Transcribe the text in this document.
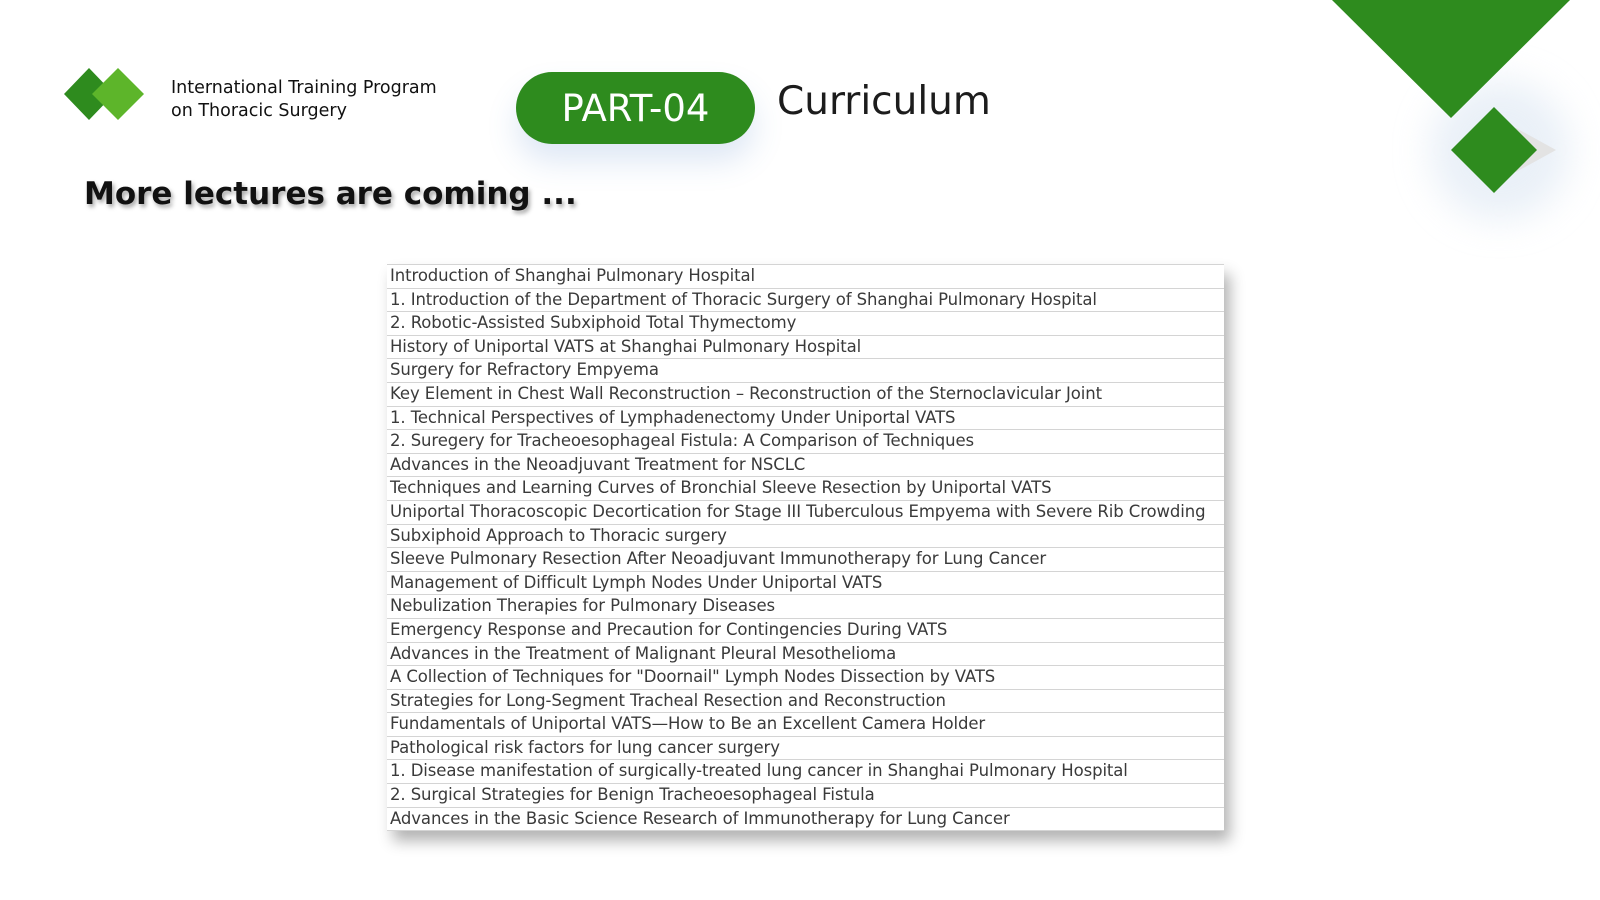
International Training Program
on Thoracic Surgery	PART-04	Curriculum
More lectures are coming ...
Introduction of Shanghai Pulmonary Hospital
1. Introduction of the Department of Thoracic Surgery of Shanghai Pulmonary Hospital
2. Robotic-Assisted Subxiphoid Total Thymectomy
History of Uniportal VATS at Shanghai Pulmonary Hospital
Surgery for Refractory Empyema
Key Element in Chest Wall Reconstruction – Reconstruction of the Sternoclavicular Joint
1. Technical Perspectives of Lymphadenectomy Under Uniportal VATS
2. Suregery for Tracheoesophageal Fistula: A Comparison of Techniques
Advances in the Neoadjuvant Treatment for NSCLC
Techniques and Learning Curves of Bronchial Sleeve Resection by Uniportal VATS
Uniportal Thoracoscopic Decortication for Stage III Tuberculous Empyema with Severe Rib Crowding
Subxiphoid Approach to Thoracic surgery
Sleeve Pulmonary Resection After Neoadjuvant Immunotherapy for Lung Cancer
Management of Difficult Lymph Nodes Under Uniportal VATS
Nebulization Therapies for Pulmonary Diseases
Emergency Response and Precaution for Contingencies During VATS
Advances in the Treatment of Malignant Pleural Mesothelioma
A Collection of Techniques for "Doornail" Lymph Nodes Dissection by VATS
Strategies for Long-Segment Tracheal Resection and Reconstruction
Fundamentals of Uniportal VATS—How to Be an Excellent Camera Holder
Pathological risk factors for lung cancer surgery
1. Disease manifestation of surgically-treated lung cancer in Shanghai Pulmonary Hospital
2. Surgical Strategies for Benign Tracheoesophageal Fistula
Advances in the Basic Science Research of Immunotherapy for Lung Cancer
